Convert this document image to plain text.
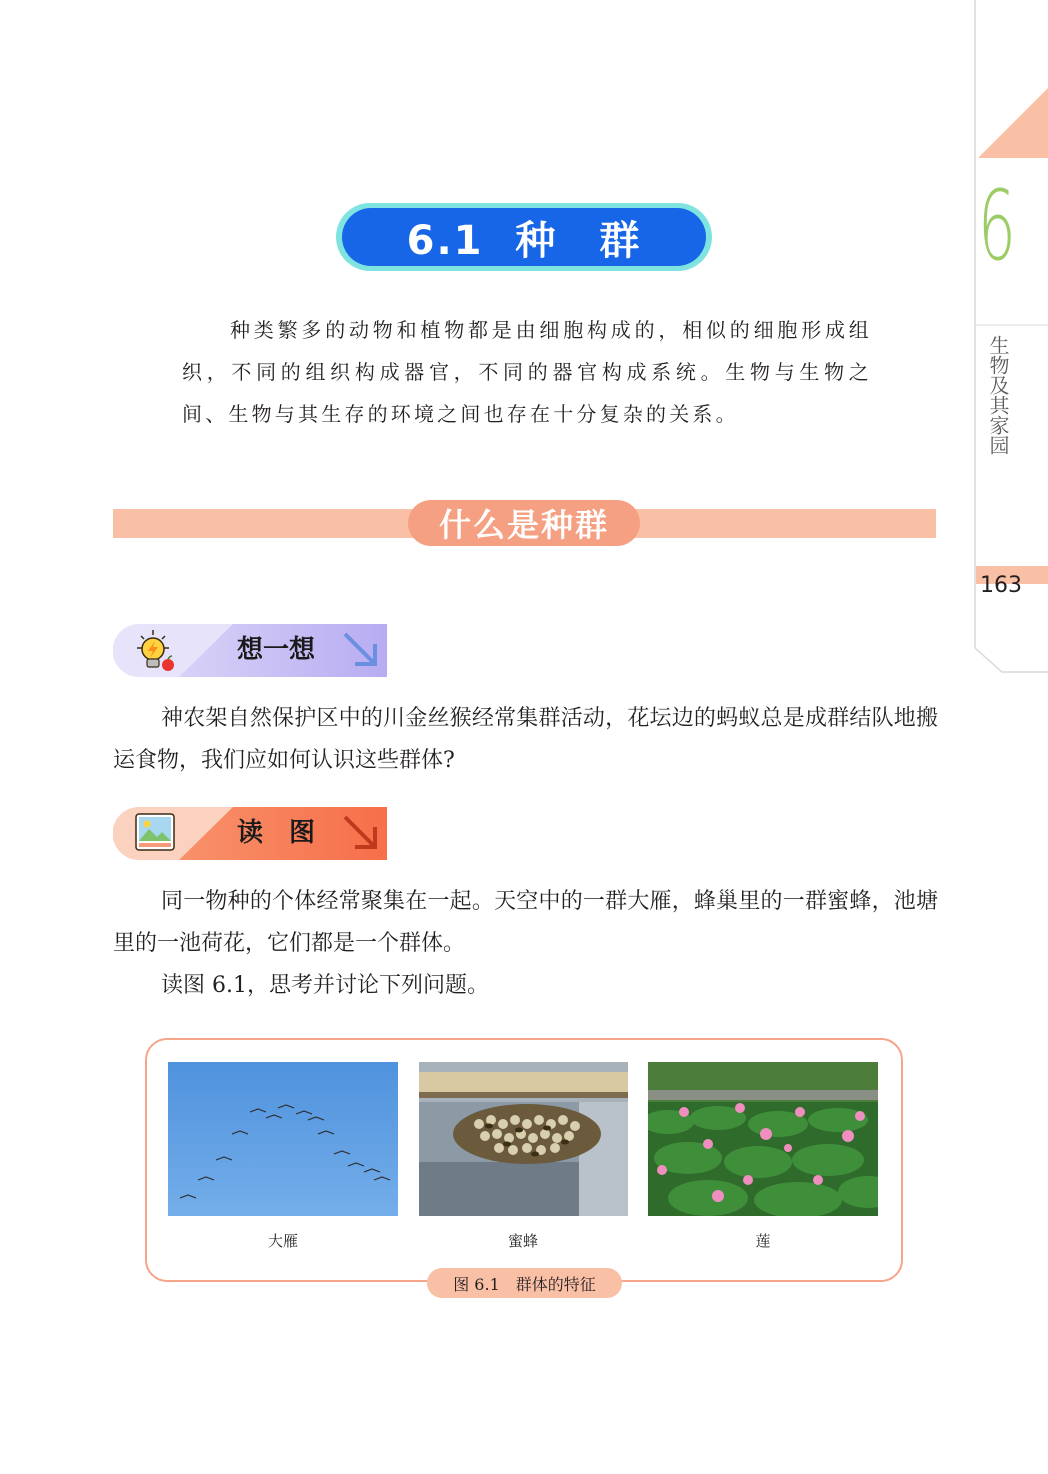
6
生物及其家园
163
6.1  种　群
种类繁多的动物和植物都是由细胞构成的，相似的细胞形成组织，不同的组织构成器官，不同的器官构成系统。生物与生物之间、生物与其生存的环境之间也存在十分复杂的关系。
什么是种群
想一想

神农架自然保护区中的川金丝猴经常集群活动，花坛边的蚂蚁总是成群结队地搬运食物，我们应如何认识这些群体?

读　图

同一物种的个体经常聚集在一起。天空中的一群大雁，蜂巢里的一群蜜蜂，池塘里的一池荷花，它们都是一个群体。

读图 6.1，思考并讨论下列问题。

大雁	蜜蜂	莲
图 6.1　群体的特征
